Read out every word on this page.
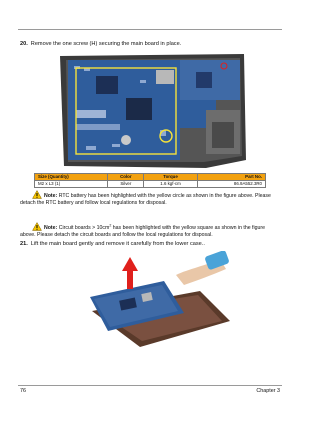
20. Remove the one screw (H) securing the main board in place.
Size (Quantity)	Color	Torque	Part No.
M2 x L3 (1)	Silver	1.6 kgf-cm	86.9A552.3R0
Note: RTC battery has been highlighted with the yellow circle as shown in the figure above. Please
detach the RTC battery and follow local regulations for disposal.
Note: Circuit boards > $10cm^2$ has been highlighted with the yellow square as shown in the figure
above. Please detach the circuit boards and follow the local regulations for disposal.
21. Lift the main board gently and remove it carefully from the lower case..
76	Chapter 3
